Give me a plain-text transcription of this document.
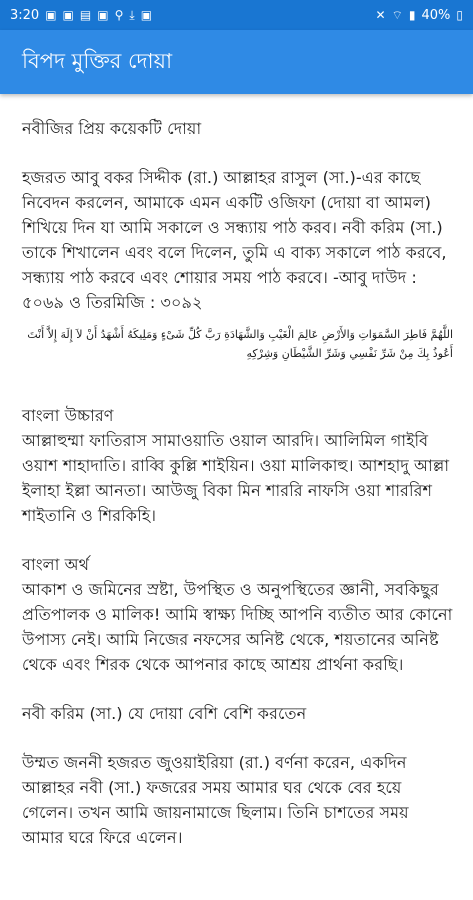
3:20 ▣ ▣ ▤ ▣ ⚲ ⤓ ▣	✕ ⌔ ▮ 40% ▯
বিপদ মুক্তির দোয়া
নবীজির প্রিয় কয়েকটি দোয়া
হজরত আবু বকর সিদ্দীক (রা.) আল্লাহর রাসুল (সা.)-এর কাছে নিবেদন করলেন, আমাকে এমন একটি ওজিফা (দোয়া বা আমল) শিখিয়ে দিন যা আমি সকালে ও সন্ধ্যায় পাঠ করব। নবী করিম (সা.) তাকে শিখালেন এবং বলে দিলেন, তুমি এ বাক্য সকালে পাঠ করবে, সন্ধ্যায় পাঠ করবে এবং শোয়ার সময় পাঠ করবে। -আবু দাউদ : ৫০৬৯ ও তিরমিজি : ৩০৯২
اللَّهُمَّ فَاطِرَ السَّمَوَاتِ وَالأَرْضِ عَالِمَ الْغَيْبِ وَالشَّهَادَةِ رَبَّ كُلِّ شَىْءٍ وَمَلِيكَهُ أَشْهَدُ أَنْ لاَ إِلَهَ إِلاَّ أَنْتَ أَعُوذُ بِكَ مِنْ شَرِّ نَفْسِي وَشَرِّ الشَّيْطَانِ وَشِرْكِهِ
বাংলা উচ্চারণ
আল্লাহুম্মা ফাতিরাস সামাওয়াতি ওয়াল আরদি। আলিমিল গাইবি ওয়াশ শাহাদাতি। রাব্বি কুল্লি শাইয়িন। ওয়া মালিকাহু। আশহাদু আল্লা ইলাহা ইল্লা আনতা। আউজু বিকা মিন শাররি নাফসি ওয়া শাররিশ শাইতানি ও শিরকিহি।
বাংলা অর্থ
আকাশ ও জমিনের স্রষ্টা, উপস্থিত ও অনুপস্থিতের জ্ঞানী, সবকিছুর প্রতিপালক ও মালিক! আমি স্বাক্ষ্য দিচ্ছি আপনি ব্যতীত আর কোনো উপাস্য নেই। আমি নিজের নফসের অনিষ্ট থেকে, শয়তানের অনিষ্ট থেকে এবং শিরক থেকে আপনার কাছে আশ্রয় প্রার্থনা করছি।
নবী করিম (সা.) যে দোয়া বেশি বেশি করতেন
উম্মত জননী হজরত জুওয়াইরিয়া (রা.) বর্ণনা করেন, একদিন আল্লাহর নবী (সা.) ফজরের সময় আমার ঘর থেকে বের হয়ে গেলেন। তখন আমি জায়নামাজে ছিলাম। তিনি চাশতের সময় আমার ঘরে ফিরে এলেন।
